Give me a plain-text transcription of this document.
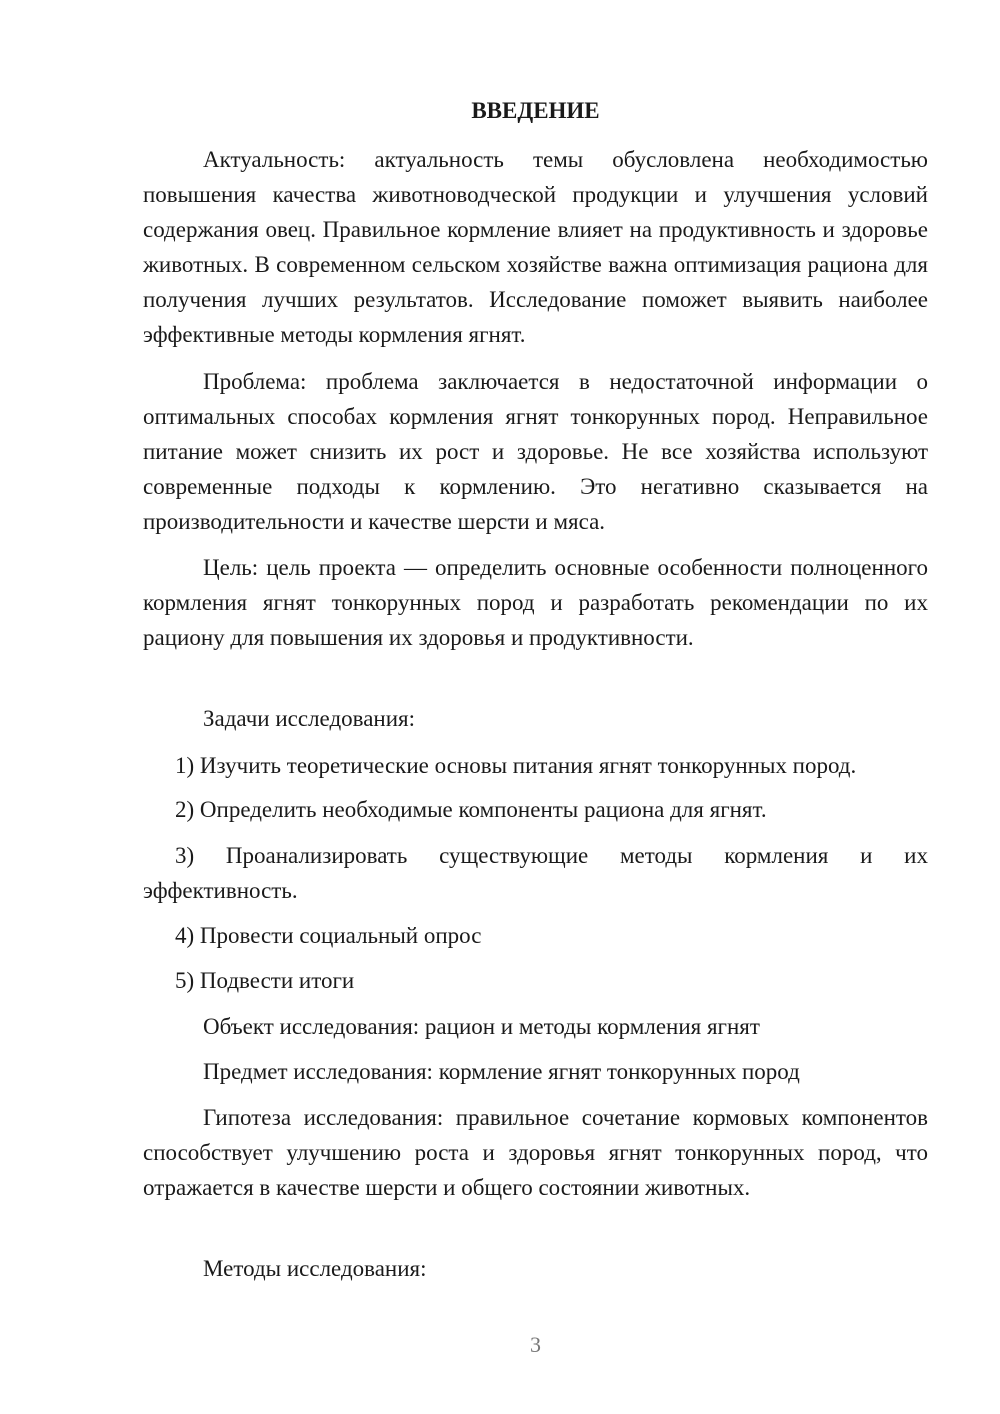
ВВЕДЕНИЕ

Актуальность: актуальность темы обусловлена необходимостью повышения качества животноводческой продукции и улучшения условий содержания овец. Правильное кормление влияет на продуктивность и здоровье животных. В современном сельском хозяйстве важна оптимизация рациона для получения лучших результатов. Исследование поможет выявить наиболее эффективные методы кормления ягнят.

Проблема: проблема заключается в недостаточной информации о оптимальных способах кормления ягнят тонкорунных пород. Неправильное питание может снизить их рост и здоровье. Не все хозяйства используют современные подходы к кормлению. Это негативно сказывается на производительности и качестве шерсти и мяса.

Цель: цель проекта — определить основные особенности полноценного кормления ягнят тонкорунных пород и разработать рекомендации по их рациону для повышения их здоровья и продуктивности.

Задачи исследования:

1) Изучить теоретические основы питания ягнят тонкорунных пород.

2) Определить необходимые компоненты рациона для ягнят.

3) Проанализировать существующие методы кормления и их эффективность.

4) Провести социальный опрос

5) Подвести итоги

Объект исследования: рацион и методы кормления ягнят

Предмет исследования: кормление ягнят тонкорунных пород

Гипотеза исследования: правильное сочетание кормовых компонентов способствует улучшению роста и здоровья ягнят тонкорунных пород, что отражается в качестве шерсти и общего состоянии животных.

Методы исследования:

3
